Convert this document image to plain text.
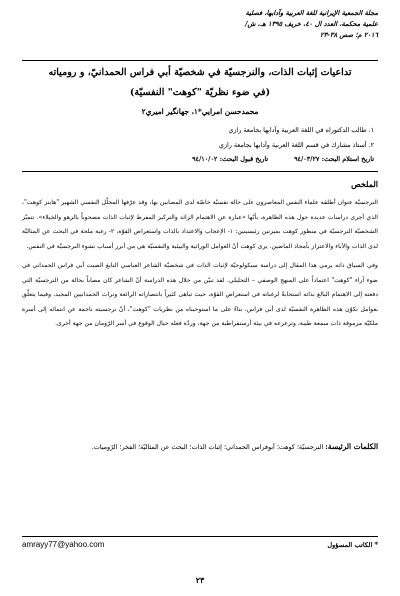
مجلة الجمعية الإيرانية للغة العربية وآدابها، فصلية
علمية محكمة، العدد ال ٤٠، خريف ١٣٩٥ هـ. ش/
٢٠١٦ م؛ صص ٣٨-٢٣
تداعيات إثبات الذات، والنرجسيّة في شخصيّة أبي فراس الحمدانيّ، و رومياته
(في ضوء نظريّة "كوهت" النفسيّة)
محمدحسن امرايي*١، جهانگير اميري٢
١. طالب الدكتوراه في اللغة العربية وآدابها بجامعة رازي
٢. أستاذ مشارك في قسم اللغة العربية وآدابها بجامعة رازي
تاريخ استلام البحث: ٩٤/٠٣/٢٧
تاريخ قبول البحث: ٩٤/١٠/٠٢
الملخص

النرجسيّة عنوان أطلقه علماء النفس المعاصرون على حالة نفسيّة خاصّة لدى المصابين بها، وقد عرّفها المحلّل النفسي الشهير "هاينز كوهت"، الذي أجرى دراسات عديدة حول هذه الظاهرة، بأنّها «عبارة عن الاهتمام الزائد والتركيز المفرط لإثبات الذات مصحوباً بالزهو والخيلاء». تتميّز الشخصيّة النرجسيّة في منظور كوهت بميزتين رئيسيتين: ١- الإعجاب والاعتداد بالذات واستعراض القوّة، ٢- رغبة ملحة في البحث عن المثاليّة لدى الذات والآباء والاعتزاز بأمجاد الماضين. يرى كوهت أنّ العوامل الوراثية والبيئية والنفسيّة هي من أبرز أسباب نشوء النرجسيّة في النفس.

وفي السياق ذاته يرمي هذا المقال إلى دراسة سيكولوجيّة لإثبات الذات في شخصيّة الشاعر العباسي النابغ الصيت أبي فراس الحمداني في ضوء آراء "كوهت" اعتماداً على المنهج الوصفي – التحليلي. لقد تبيّن من خلال هذه الدراسة أنّ الشاعر كان مصاباً بحالة من النرجسيّة التي دفعته إلى الاهتمام البالغ بذاته استجابةً لرغباته في استعراض القوّة، حيث تباهى كثيراً بانتصاراته الرائعة وتراث الحمدانيين المجيد. وفيما يتعلّق بعوامل تكوّن هذه الظاهرة النفسيّة لدى أبي فراس، بناءً على ما استوحيناه من نظريات "كوهت"، أنّ نرجسيته ناجمة عن انتمائه إلى أسرة ملكيّة مرموقة ذات سمعة طيبة، وترعرعه في بيئة أرستقراطية من جهة، وردّة فعله حيال الوقوع في أسر الرّومان من جهة أخرى.

الكلمات الرئيسة: النرجسيّة؛ كوهت؛ أبوفراس الحمداني؛ إثبات الذات؛ البحث عن المثاليّة؛ الفخر؛ الرّوميات.
*الكاتب المسؤول
amrayy77@yahoo.com
٢٣
